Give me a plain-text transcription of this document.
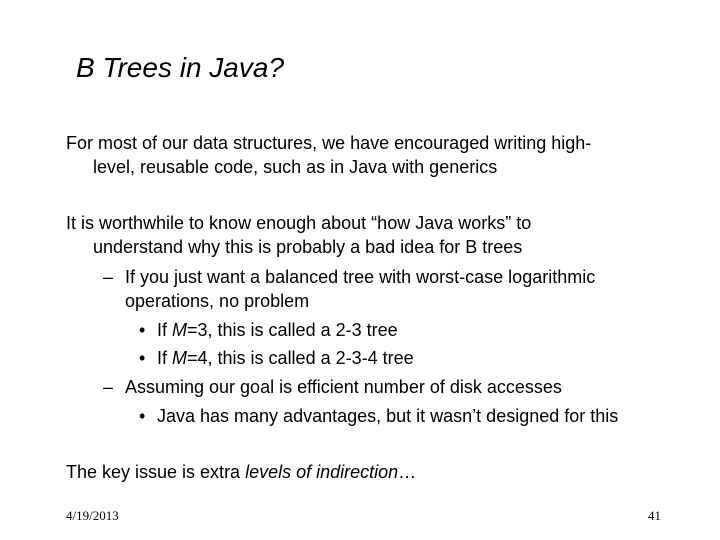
B Trees in Java?
For most of our data structures, we have encouraged writing high-
level, reusable code, such as in Java with generics
It is worthwhile to know enough about “how Java works” to
understand why this is probably a bad idea for B trees
– If you just want a balanced tree with worst-case logarithmic
operations, no problem
• If M=3, this is called a 2-3 tree
• If M=4, this is called a 2-3-4 tree
– Assuming our goal is efficient number of disk accesses
• Java has many advantages, but it wasn’t designed for this
The key issue is extra levels of indirection…
4/19/2013	41
